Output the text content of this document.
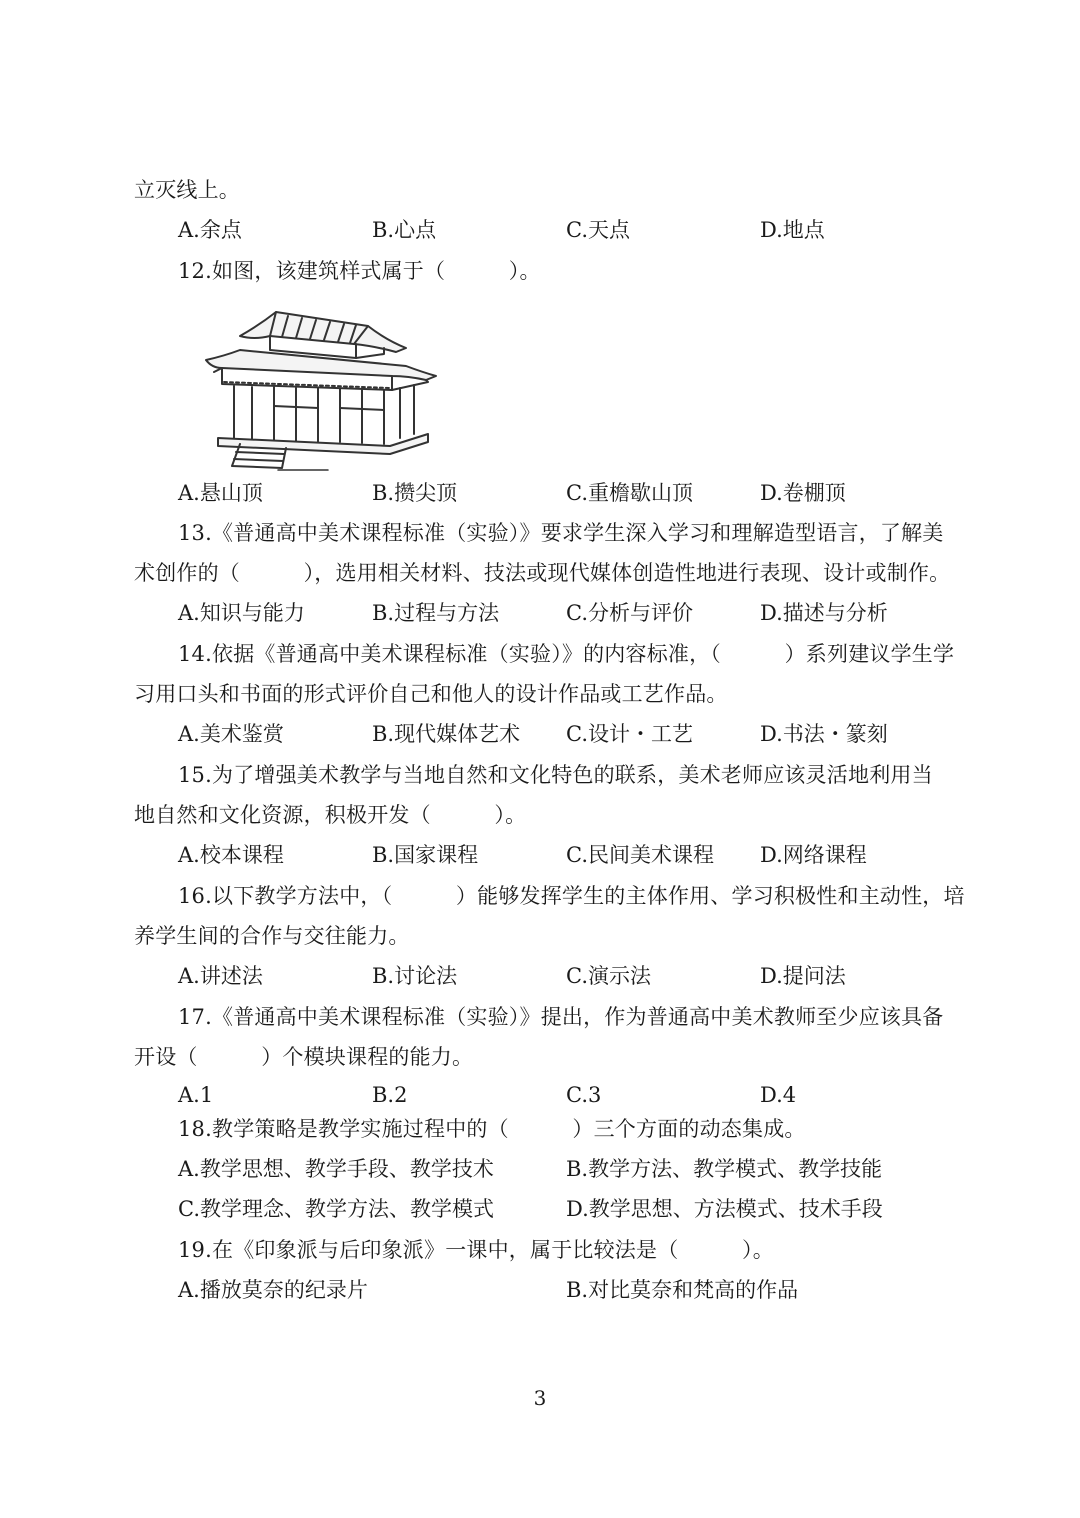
立灭线上。
A.余点	B.心点	C.天点	D.地点
12.如图，该建筑样式属于（　　　）。
A.悬山顶	B.攒尖顶	C.重檐歇山顶	D.卷棚顶
13.《普通高中美术课程标准（实验）》要求学生深入学习和理解造型语言，了解美
术创作的（　　　），选用相关材料、技法或现代媒体创造性地进行表现、设计或制作。
A.知识与能力	B.过程与方法	C.分析与评价	D.描述与分析
14.依据《普通高中美术课程标准（实验）》的内容标准，（　　　）系列建议学生学
习用口头和书面的形式评价自己和他人的设计作品或工艺作品。
A.美术鉴赏	B.现代媒体艺术 C.设计・工艺	D.书法・篆刻
15.为了增强美术教学与当地自然和文化特色的联系，美术老师应该灵活地利用当
地自然和文化资源，积极开发（　　　）。
A.校本课程	B.国家课程	C.民间美术课程 D.网络课程
16.以下教学方法中，（　　　）能够发挥学生的主体作用、学习积极性和主动性，培
养学生间的合作与交往能力。
A.讲述法	B.讨论法	C.演示法	D.提问法
17.《普通高中美术课程标准（实验）》提出，作为普通高中美术教师至少应该具备
开设（　　　）个模块课程的能力。
A.1	B.2	C.3	D.4
18.教学策略是教学实施过程中的（　　　）三个方面的动态集成。
A.教学思想、教学手段、教学技术	B.教学方法、教学模式、教学技能
C.教学理念、教学方法、教学模式	D.教学思想、方法模式、技术手段
19.在《印象派与后印象派》一课中，属于比较法是（　　　）。
A.播放莫奈的纪录片	B.对比莫奈和梵高的作品
3
